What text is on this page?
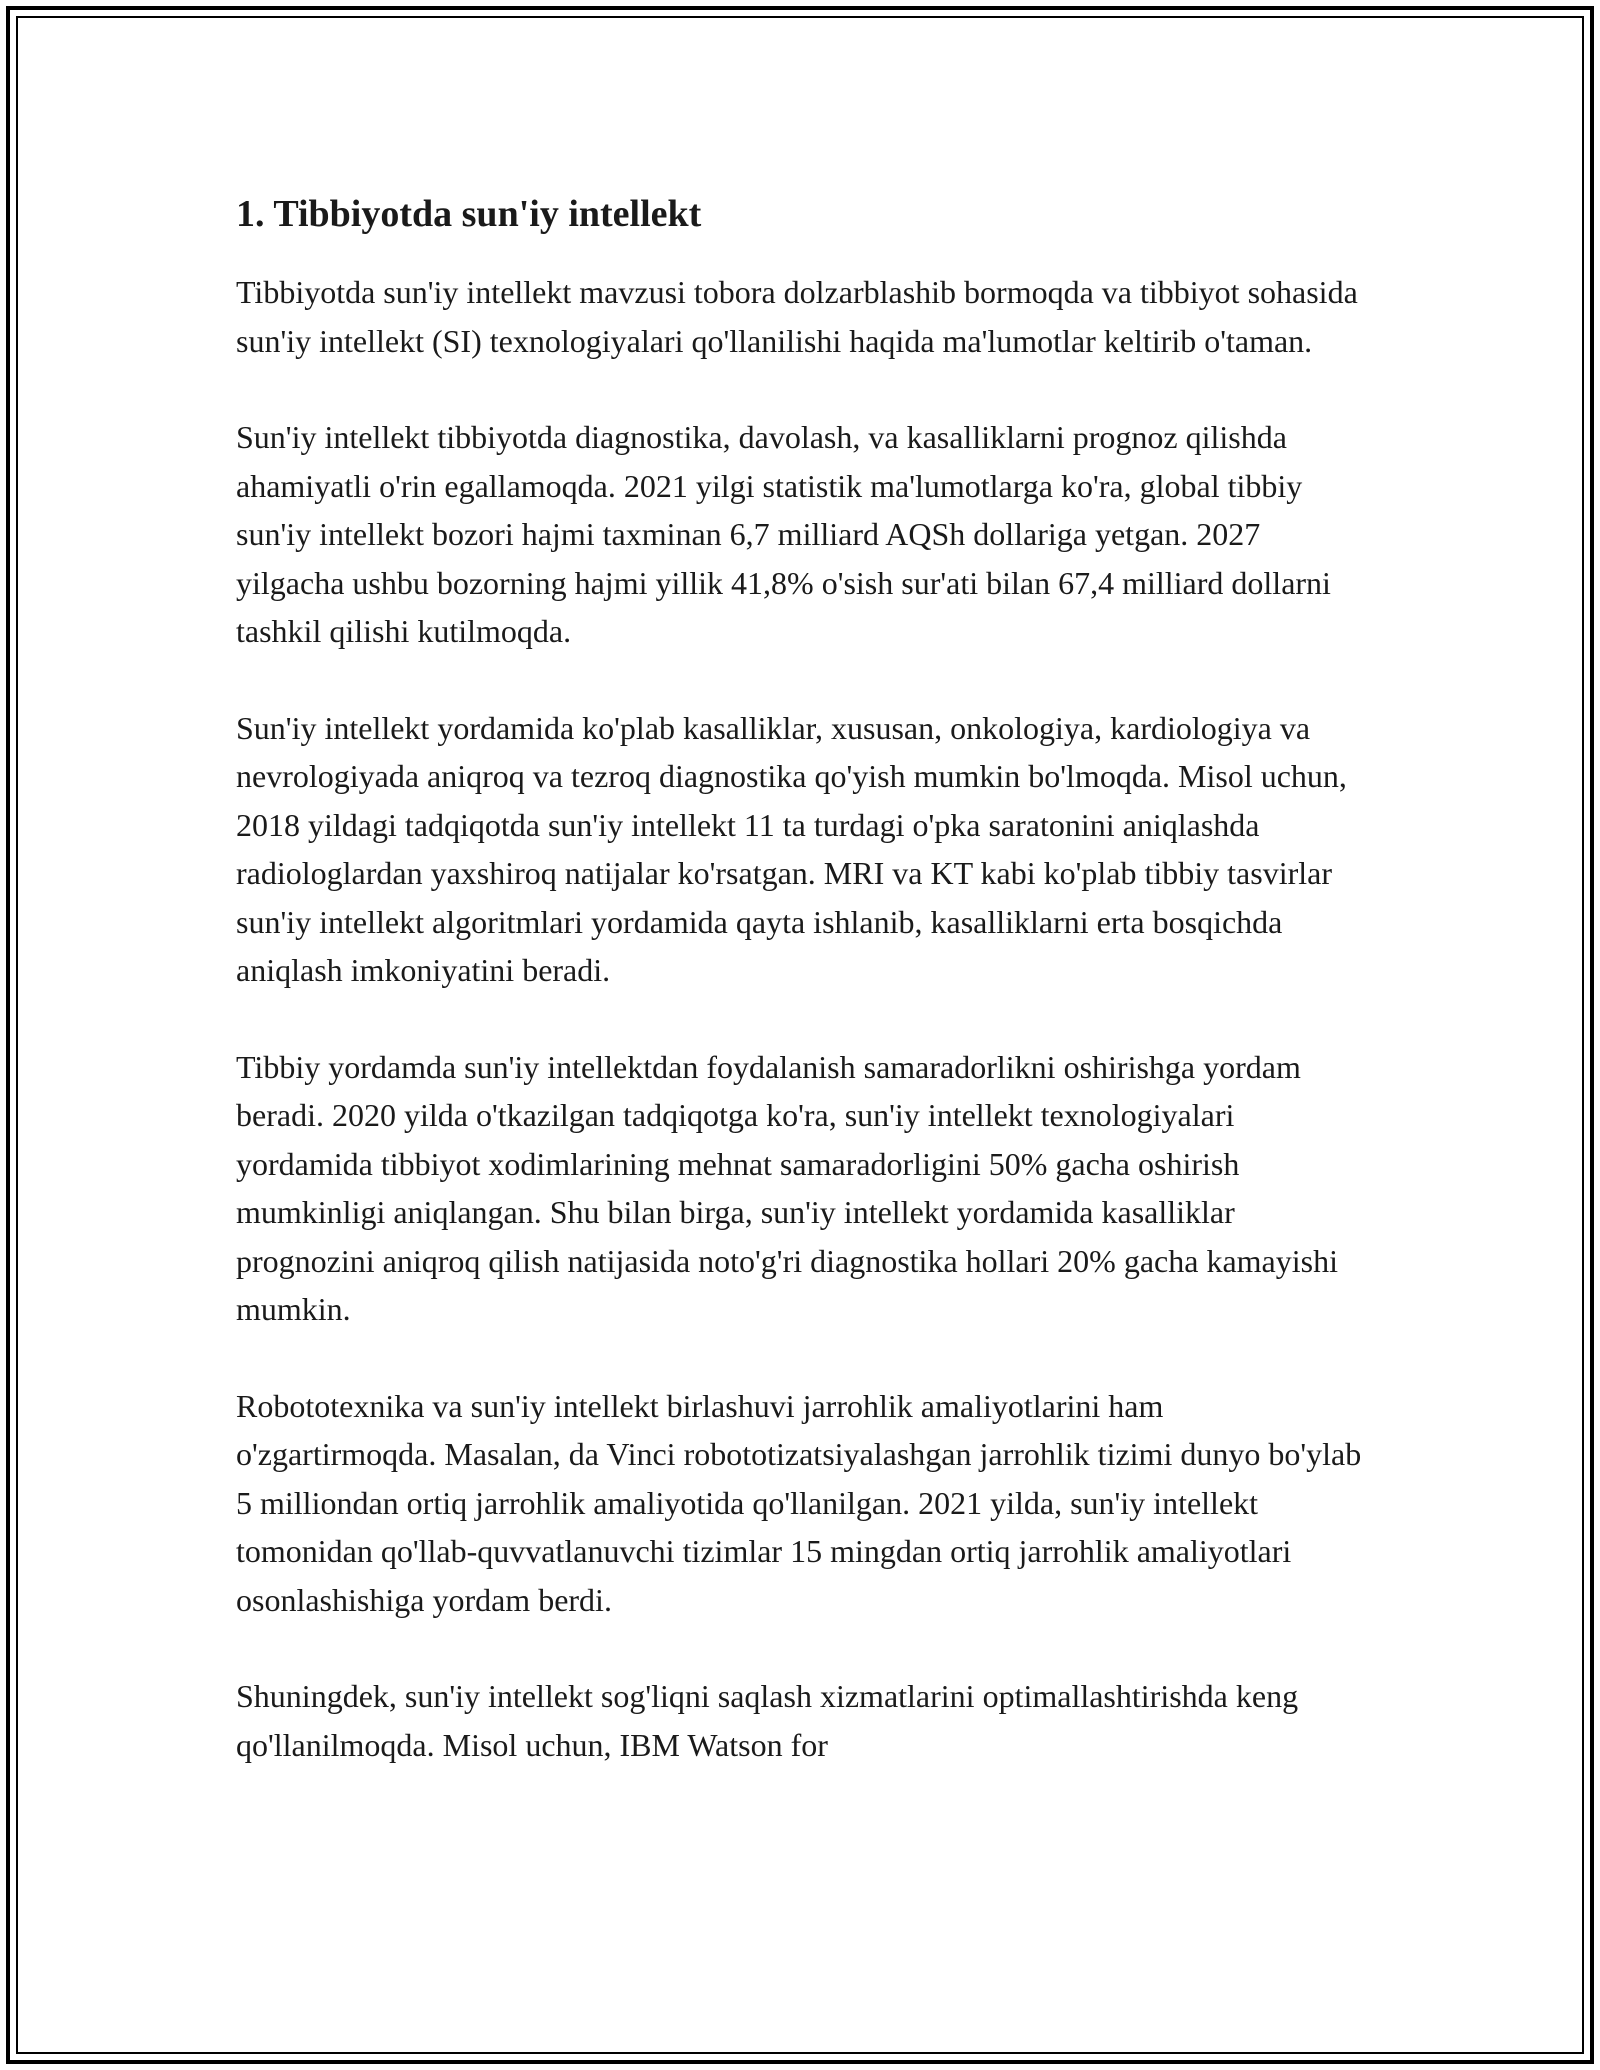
1. Tibbiyotda sun'iy intellekt

Tibbiyotda sun'iy intellekt mavzusi tobora dolzarblashib bormoqda va tibbiyot sohasida sun'iy intellekt (SI) texnologiyalari qo'llanilishi haqida ma'lumotlar keltirib o'taman.

Sun'iy intellekt tibbiyotda diagnostika, davolash, va kasalliklarni prognoz qilishda ahamiyatli o'rin egallamoqda. 2021 yilgi statistik ma'lumotlarga ko'ra, global tibbiy sun'iy intellekt bozori hajmi taxminan 6,7 milliard AQSh dollariga yetgan. 2027 yilgacha ushbu bozorning hajmi yillik 41,8% o'sish sur'ati bilan 67,4 milliard dollarni tashkil qilishi kutilmoqda.

Sun'iy intellekt yordamida ko'plab kasalliklar, xususan, onkologiya, kardiologiya va nevrologiyada aniqroq va tezroq diagnostika qo'yish mumkin bo'lmoqda. Misol uchun, 2018 yildagi tadqiqotda sun'iy intellekt 11 ta turdagi o'pka saratonini aniqlashda radiologlardan yaxshiroq natijalar ko'rsatgan. MRI va KT kabi ko'plab tibbiy tasvirlar sun'iy intellekt algoritmlari yordamida qayta ishlanib, kasalliklarni erta bosqichda aniqlash imkoniyatini beradi.

Tibbiy yordamda sun'iy intellektdan foydalanish samaradorlikni oshirishga yordam beradi. 2020 yilda o'tkazilgan tadqiqotga ko'ra, sun'iy intellekt texnologiyalari yordamida tibbiyot xodimlarining mehnat samaradorligini 50% gacha oshirish mumkinligi aniqlangan. Shu bilan birga, sun'iy intellekt yordamida kasalliklar prognozini aniqroq qilish natijasida noto'g'ri diagnostika hollari 20% gacha kamayishi mumkin.

Robototexnika va sun'iy intellekt birlashuvi jarrohlik amaliyotlarini ham o'zgartirmoqda. Masalan, da Vinci robototizatsiyalashgan jarrohlik tizimi dunyo bo'ylab 5 milliondan ortiq jarrohlik amaliyotida qo'llanilgan. 2021 yilda, sun'iy intellekt tomonidan qo'llab-quvvatlanuvchi tizimlar 15 mingdan ortiq jarrohlik amaliyotlari osonlashishiga yordam berdi.

Shuningdek, sun'iy intellekt sog'liqni saqlash xizmatlarini optimallashtirishda keng qo'llanilmoqda. Misol uchun, IBM Watson for
